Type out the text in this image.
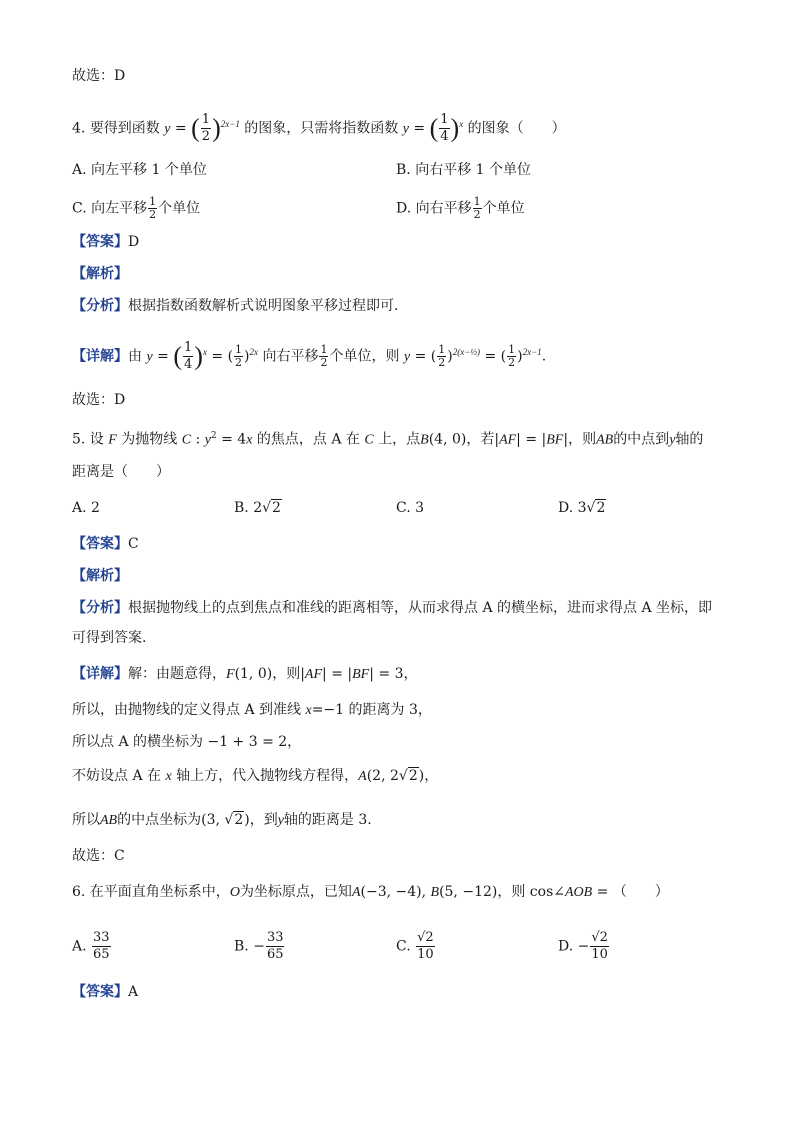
故选：D
4. 要得到函数 y = ( $\frac{1}{2} )^{2x-1}$ 的图象，只需将指数函数 y = ( $\frac{1}{4} )^x$ 的图象（　　）
A. 向左平移 1 个单位	B. 向右平移 1 个单位
C. 向左平移 $\frac{1}{2}$ 个单位	D. 向右平移 $\frac{1}{2}$ 个单位
【答案】D
【解析】
【分析】根据指数函数解析式说明图象平移过程即可.
【详解】由 y = ( $\frac{1}{4} )^x$ = ( $\frac{1}{2} )^{2x}$ 向右平移 $\frac{1}{2}$ 个单位，则 y = ( $\frac{1}{2} )^{2(x-\frac{1}{2})}$ = ( $\frac{1}{2} )^{2x-1}$.
故选：D
5. 设 F 为抛物线 C : $y^2 = 4x$ 的焦点，点 A 在 C 上，点B(4, 0)，若|AF| = |BF|，则AB的中点到y轴的
距离是（　　）
A. 2	B. 2√2	C. 3	D. 3√2
【答案】C
【解析】
【分析】根据抛物线上的点到焦点和准线的距离相等，从而求得点 A 的横坐标，进而求得点 A 坐标，即
可得到答案.
【详解】解：由题意得，F(1, 0)，则|AF| = |BF| = 3，
所以，由抛物线的定义得点 A 到准线 x=−1 的距离为 3，
所以点 A 的横坐标为 −1 + 3 = 2，
不妨设点 A 在 x 轴上方，代入抛物线方程得，A(2, 2√2)，
所以AB的中点坐标为(3, √2)，到y轴的距离是 3.
故选：C
6. 在平面直角坐标系中，O为坐标原点，已知A(−3, −4), B(5, −12)，则 cos∠AOB = （　　）
A. $\frac{33}{65}$	B. − $\frac{33}{65}$	C. $\frac{√2}{10}$	D. − $\frac{√2}{10}$
【答案】A
